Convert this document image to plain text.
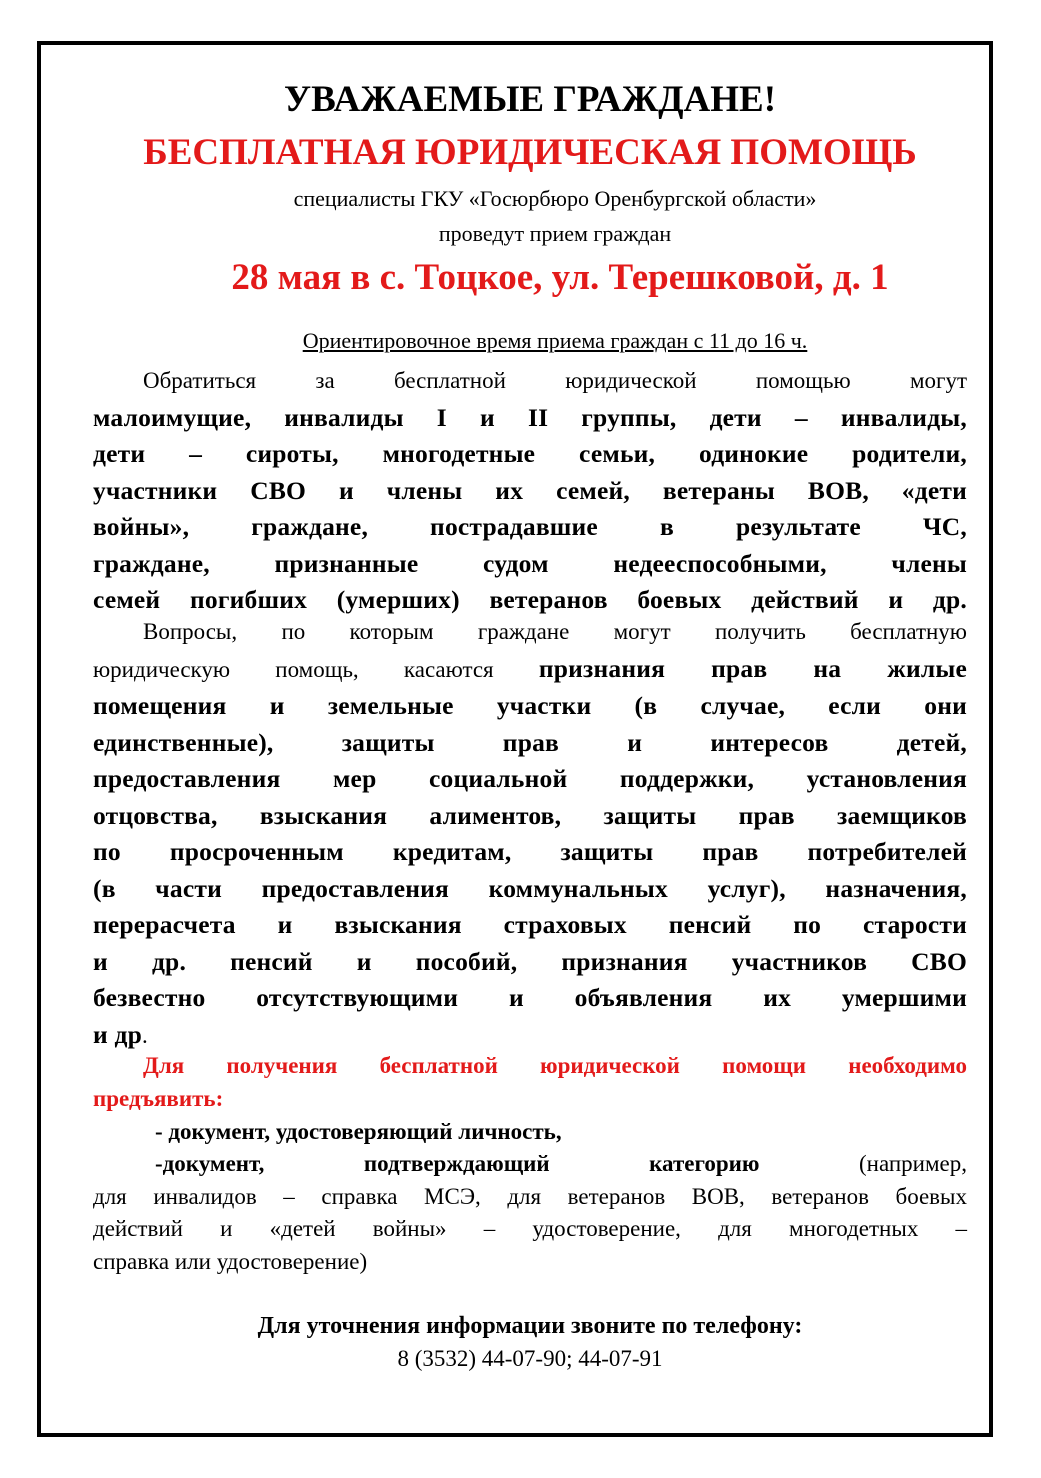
УВАЖАЕМЫЕ ГРАЖДАНЕ!
БЕСПЛАТНАЯ ЮРИДИЧЕСКАЯ ПОМОЩЬ
специалисты ГКУ «Госюрбюро Оренбургской области»
проведут прием граждан
28 мая в с. Тоцкое, ул. Терешковой, д. 1
Ориентировочное время приема граждан с 11 до 16 ч.
Обратиться за бесплатной юридической помощью могут
малоимущие, инвалиды I и II группы, дети – инвалиды,
дети – сироты, многодетные семьи, одинокие родители,
участники СВО и члены их семей, ветераны ВОВ, «дети
войны», граждане, пострадавшие в результате ЧС,
граждане, признанные судом недееспособными, члены
семей погибших (умерших) ветеранов боевых действий и др.
Вопросы, по которым граждане могут получить бесплатную
юридическую помощь, касаются признания прав на жилые
помещения и земельные участки (в случае, если они
единственные), защиты прав и интересов детей,
предоставления мер социальной поддержки, установления
отцовства, взыскания алиментов, защиты прав заемщиков
по просроченным кредитам, защиты прав потребителей
(в части предоставления коммунальных услуг), назначения,
перерасчета и взыскания страховых пенсий по старости
и др. пенсий и пособий, признания участников СВО
безвестно отсутствующими и объявления их умершими
и др.
Для получения бесплатной юридической помощи необходимо
предъявить:
- документ, удостоверяющий личность,
-документ, подтверждающий категорию (например,
для инвалидов – справка МСЭ, для ветеранов ВОВ, ветеранов боевых
действий и «детей войны» – удостоверение, для многодетных –
справка или удостоверение)
Для уточнения информации звоните по телефону:
8 (3532) 44-07-90; 44-07-91
